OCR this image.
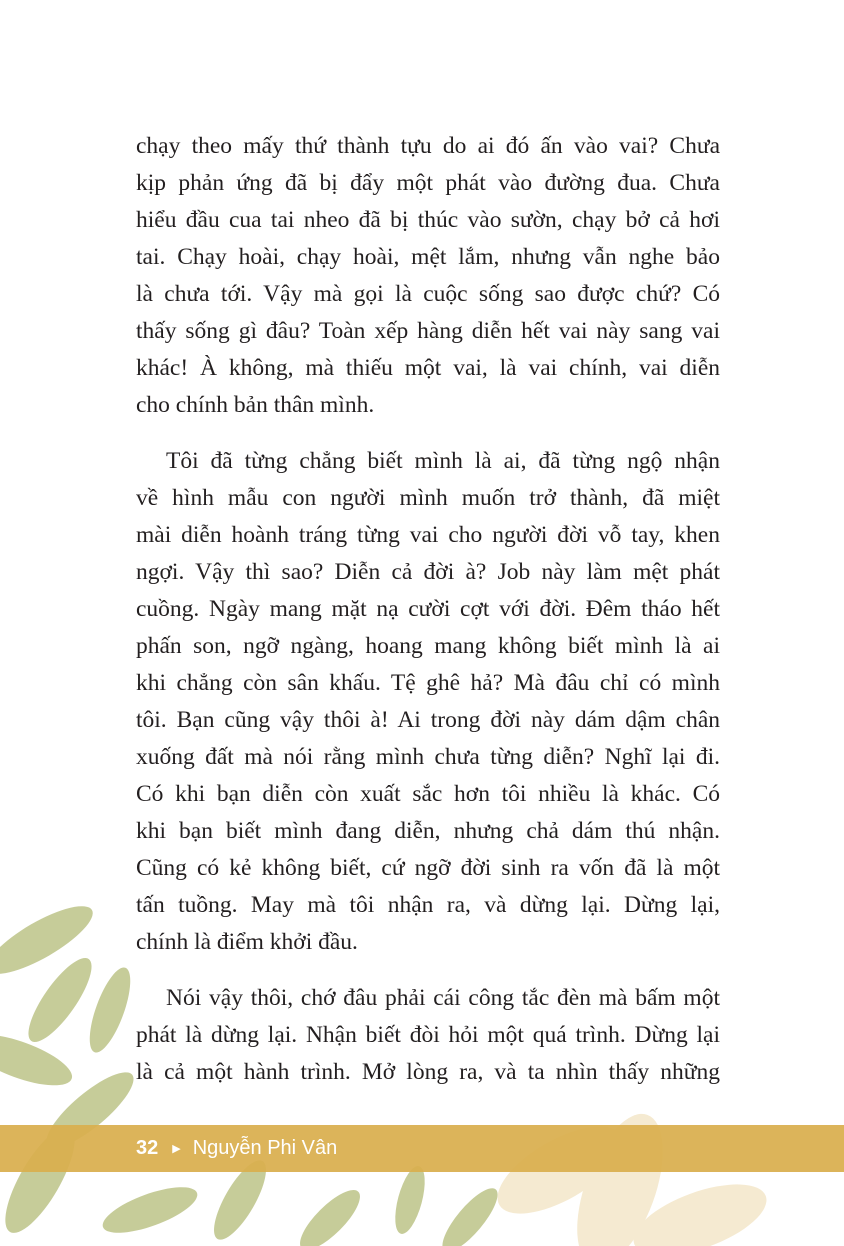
chạy theo mấy thứ thành tựu do ai đó ấn vào vai? Chưa
kịp phản ứng đã bị đẩy một phát vào đường đua. Chưa
hiểu đầu cua tai nheo đã bị thúc vào sườn, chạy bở cả hơi
tai. Chạy hoài, chạy hoài, mệt lắm, nhưng vẫn nghe bảo
là chưa tới. Vậy mà gọi là cuộc sống sao được chứ? Có
thấy sống gì đâu? Toàn xếp hàng diễn hết vai này sang vai
khác! À không, mà thiếu một vai, là vai chính, vai diễn
cho chính bản thân mình.
Tôi đã từng chẳng biết mình là ai, đã từng ngộ nhận
về hình mẫu con người mình muốn trở thành, đã miệt
mài diễn hoành tráng từng vai cho người đời vỗ tay, khen
ngợi. Vậy thì sao? Diễn cả đời à? Job này làm mệt phát
cuồng. Ngày mang mặt nạ cười cợt với đời. Đêm tháo hết
phấn son, ngỡ ngàng, hoang mang không biết mình là ai
khi chẳng còn sân khấu. Tệ ghê hả? Mà đâu chỉ có mình
tôi. Bạn cũng vậy thôi à! Ai trong đời này dám dậm chân
xuống đất mà nói rằng mình chưa từng diễn? Nghĩ lại đi.
Có khi bạn diễn còn xuất sắc hơn tôi nhiều là khác. Có
khi bạn biết mình đang diễn, nhưng chả dám thú nhận.
Cũng có kẻ không biết, cứ ngỡ đời sinh ra vốn đã là một
tấn tuồng. May mà tôi nhận ra, và dừng lại. Dừng lại,
chính là điểm khởi đầu.
Nói vậy thôi, chớ đâu phải cái công tắc đèn mà bấm một
phát là dừng lại. Nhận biết đòi hỏi một quá trình. Dừng lại
là cả một hành trình. Mở lòng ra, và ta nhìn thấy những
32 ▶ Nguyễn Phi Vân
